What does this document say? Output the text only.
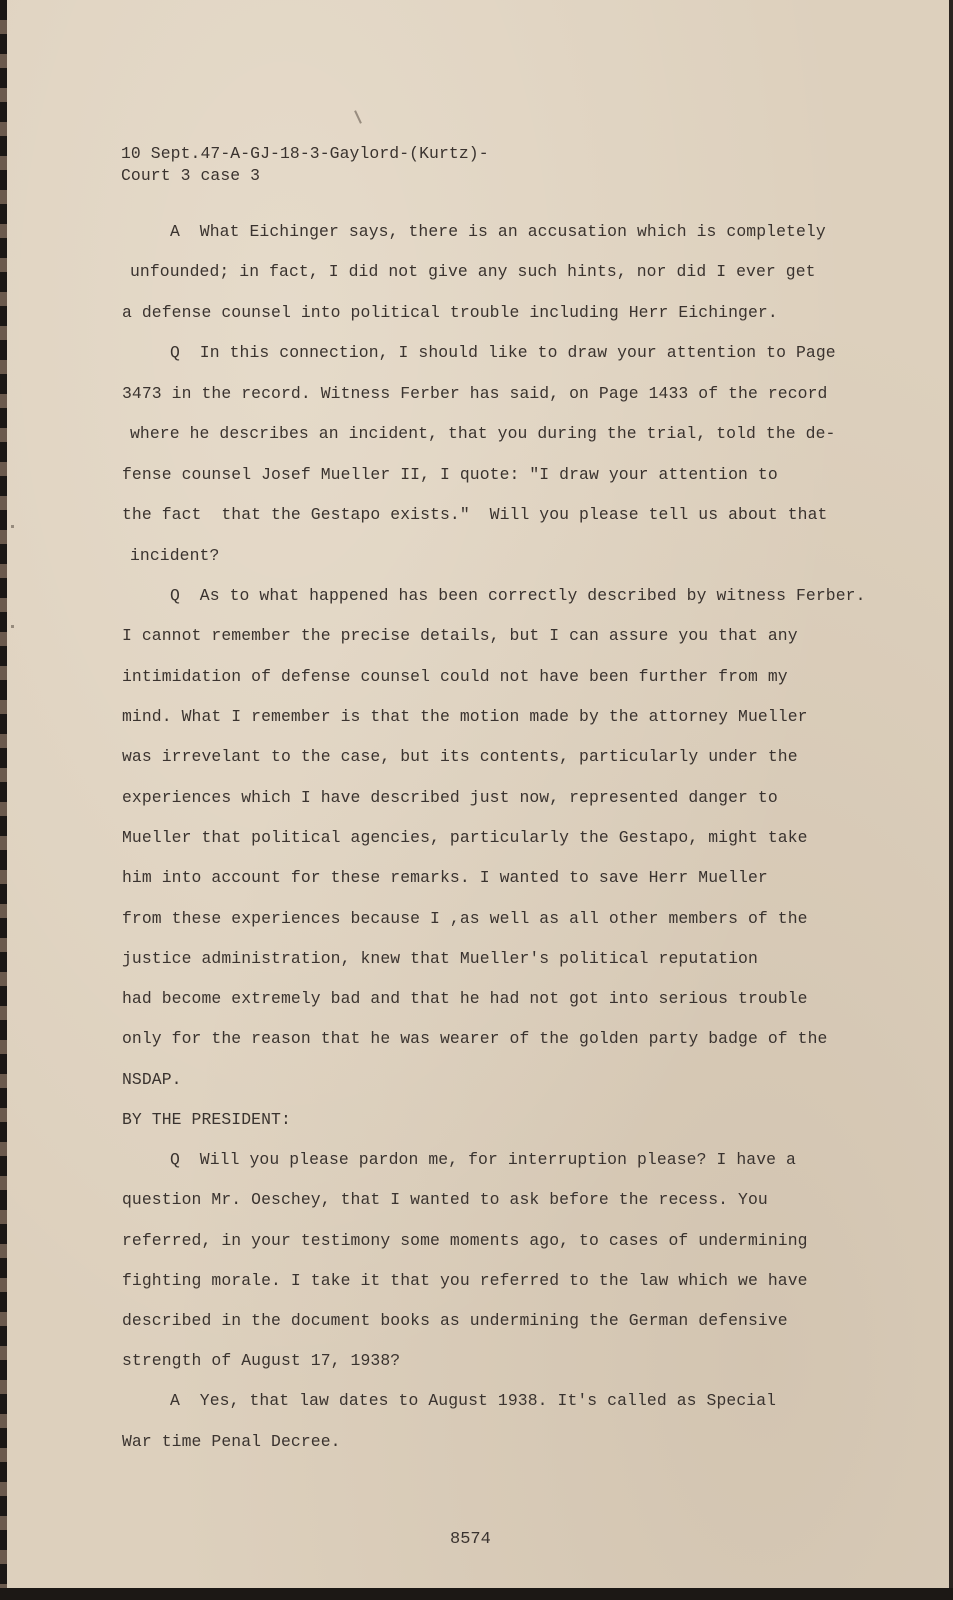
10 Sept.47-A-GJ-18-3-Gaylord-(Kurtz)-
Court 3 case 3
A  What Eichinger says, there is an accusation which is completely
unfounded; in fact, I did not give any such hints, nor did I ever get
a defense counsel into political trouble including Herr Eichinger.
Q  In this connection, I should like to draw your attention to Page
3473 in the record. Witness Ferber has said, on Page 1433 of the record
where he describes an incident, that you during the trial, told the de-
fense counsel Josef Mueller II, I quote: "I draw your attention to
the fact  that the Gestapo exists."  Will you please tell us about that
incident?
Q  As to what happened has been correctly described by witness Ferber.
I cannot remember the precise details, but I can assure you that any
intimidation of defense counsel could not have been further from my
mind. What I remember is that the motion made by the attorney Mueller
was irrevelant to the case, but its contents, particularly under the
experiences which I have described just now, represented danger to
Mueller that political agencies, particularly the Gestapo, might take
him into account for these remarks. I wanted to save Herr Mueller
from these experiences because I ,as well as all other members of the
justice administration, knew that Mueller's political reputation
had become extremely bad and that he had not got into serious trouble
only for the reason that he was wearer of the golden party badge of the
NSDAP.
BY THE PRESIDENT:
Q  Will you please pardon me, for interruption please? I have a
question Mr. Oeschey, that I wanted to ask before the recess. You
referred, in your testimony some moments ago, to cases of undermining
fighting morale. I take it that you referred to the law which we have
described in the document books as undermining the German defensive
strength of August 17, 1938?
A  Yes, that law dates to August 1938. It's called as Special
War time Penal Decree.
8574
